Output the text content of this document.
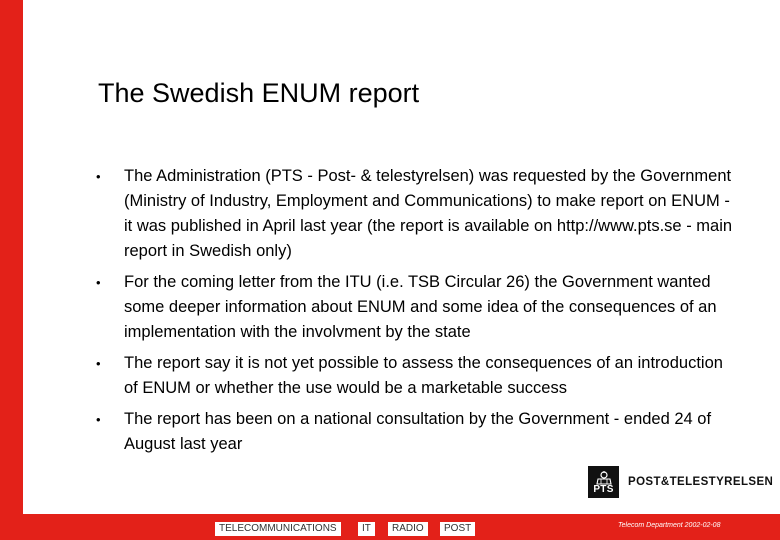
The Swedish ENUM report
•	The Administration (PTS - Post- & telestyrelsen) was requested by the Government (Ministry of Industry, Employment and Communications) to make report on ENUM - it was published in April last year (the report is available on http://www.pts.se - main report in Swedish only)
•	For the coming letter from the ITU (i.e. TSB Circular 26) the Government wanted some deeper information about ENUM and some idea of the consequences of an implementation with the involvment by the state
•	The report say it is not yet possible to assess the consequences of an introduction of ENUM or whether the use would be a marketable success
•	The report has been on a national consultation by the Government - ended 24 of August last year
PTS
POST&TELESTYRELSEN
TELECOMMUNICATIONS	IT	RADIO	POST	Telecom Department 2002-02-08
